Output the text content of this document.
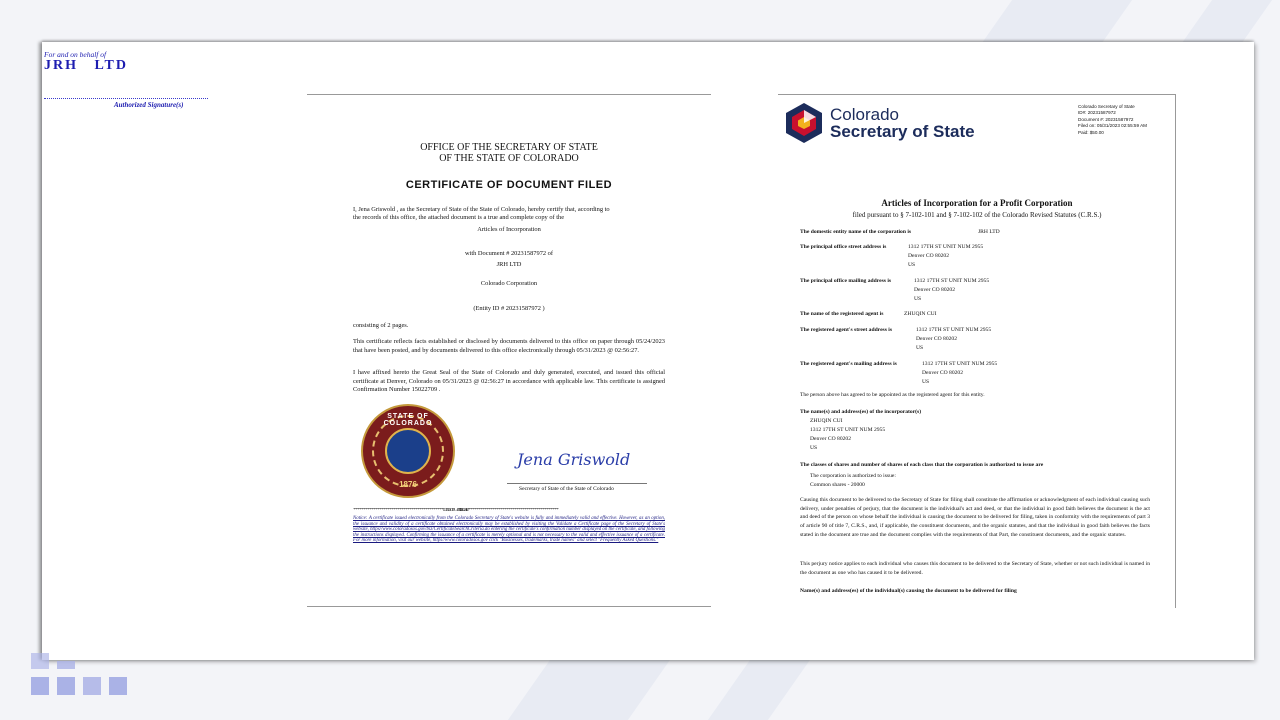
For and on behalf of
JRH   LTD
Authorized Signature(s)
OFFICE OF THE SECRETARY OF STATE
OF THE STATE OF COLORADO
CERTIFICATE OF DOCUMENT FILED
I, Jena Griswold , as the Secretary of State of the State of Colorado, hereby certify that, according to
the records of this office, the attached document is a true and complete copy of the
Articles of Incorporation
with Document # 20231587972 of
JRH LTD
Colorado Corporation
(Entity ID # 20231587972 )
consisting of 2 pages.
This certificate reflects facts established or disclosed by documents delivered to this office on paper through 05/24/2023 that have been posted, and by documents delivered to this office electronically through 05/31/2023 @ 02:56:27.
I have affixed hereto the Great Seal of the State of Colorado and duly generated, executed, and issued this official certificate at Denver, Colorado on 05/31/2023 @ 02:56:27 in accordance with applicable law. This certificate is assigned Confirmation Number 15022709 .
STATE OF COLORADO
1876
Jena Griswold
Secretary of State of the State of Colorado
*********************************************End of Certificate*********************************************
Notice: A certificate issued electronically from the Colorado Secretary of State's website is fully and immediately valid and effective. However, as an option, the issuance and validity of a certificate obtained electronically may be established by visiting the Validate a Certificate page of the Secretary of State's website, https//www.coloradosos.gov/biz/CertificateSearchCriteria.do entering the certificate's confirmation number displayed on the certificate, and following the instructions displayed. Confirming the issuance of a certificate is merely optional and is not necessary to the valid and effective issuance of a certificate. For more information, visit our website, https//www.coloradosos.gov click "Businesses, trademarks, trade names" and select "Frequently Asked Questions."
Colorado
Secretary of State
Colorado Secretary of State
ID#: 20231587972
Document #: 20231587972
Filed on: 05/31/2023 02:55:59 AM
Paid: $50.00
Articles of Incorporation for a Profit Corporation
filed pursuant to § 7-102-101 and § 7-102-102 of the Colorado Revised Statutes (C.R.S.)
The domestic entity name of the corporation is	JRH LTD
The principal office street address is	1312 17TH ST UNIT NUM 2955
Denver CO 80202
US
The principal office mailing address is	1312 17TH ST UNIT NUM 2955
Denver CO 80202
US
The name of the registered agent is	ZHUQIN CUI
The registered agent's street address is	1312 17TH ST UNIT NUM 2955
Denver CO 80202
US
The registered agent's mailing address is	1312 17TH ST UNIT NUM 2955
Denver CO 80202
US
The person above has agreed to be appointed as the registered agent for this entity.
The name(s) and address(es) of the incorporator(s)
ZHUQIN CUI
1312 17TH ST UNIT NUM 2955
Denver CO 80202
US
The classes of shares and number of shares of each class that the corporation is authorized to issue are
The corporation is authorized to issue:
Common shares - 20000
Causing this document to be delivered to the Secretary of State for filing shall constitute the affirmation or acknowledgment of each individual causing such delivery, under penalties of perjury, that the document is the individual's act and deed, or that the individual in good faith believes the document is the act and deed of the person on whose behalf the individual is causing the document to be delivered for filing, taken in conformity with the requirements of part 3 of article 90 of title 7, C.R.S., and, if applicable, the constituent documents, and the organic statutes, and that the individual in good faith believes the facts stated in the document are true and the document complies with the requirements of that Part, the constituent documents, and the organic statutes.
This perjury notice applies to each individual who causes this document to be delivered to the Secretary of State, whether or not such individual is named in the document as one who has caused it to be delivered.
Name(s) and address(es) of the individual(s) causing the document to be delivered for filing
